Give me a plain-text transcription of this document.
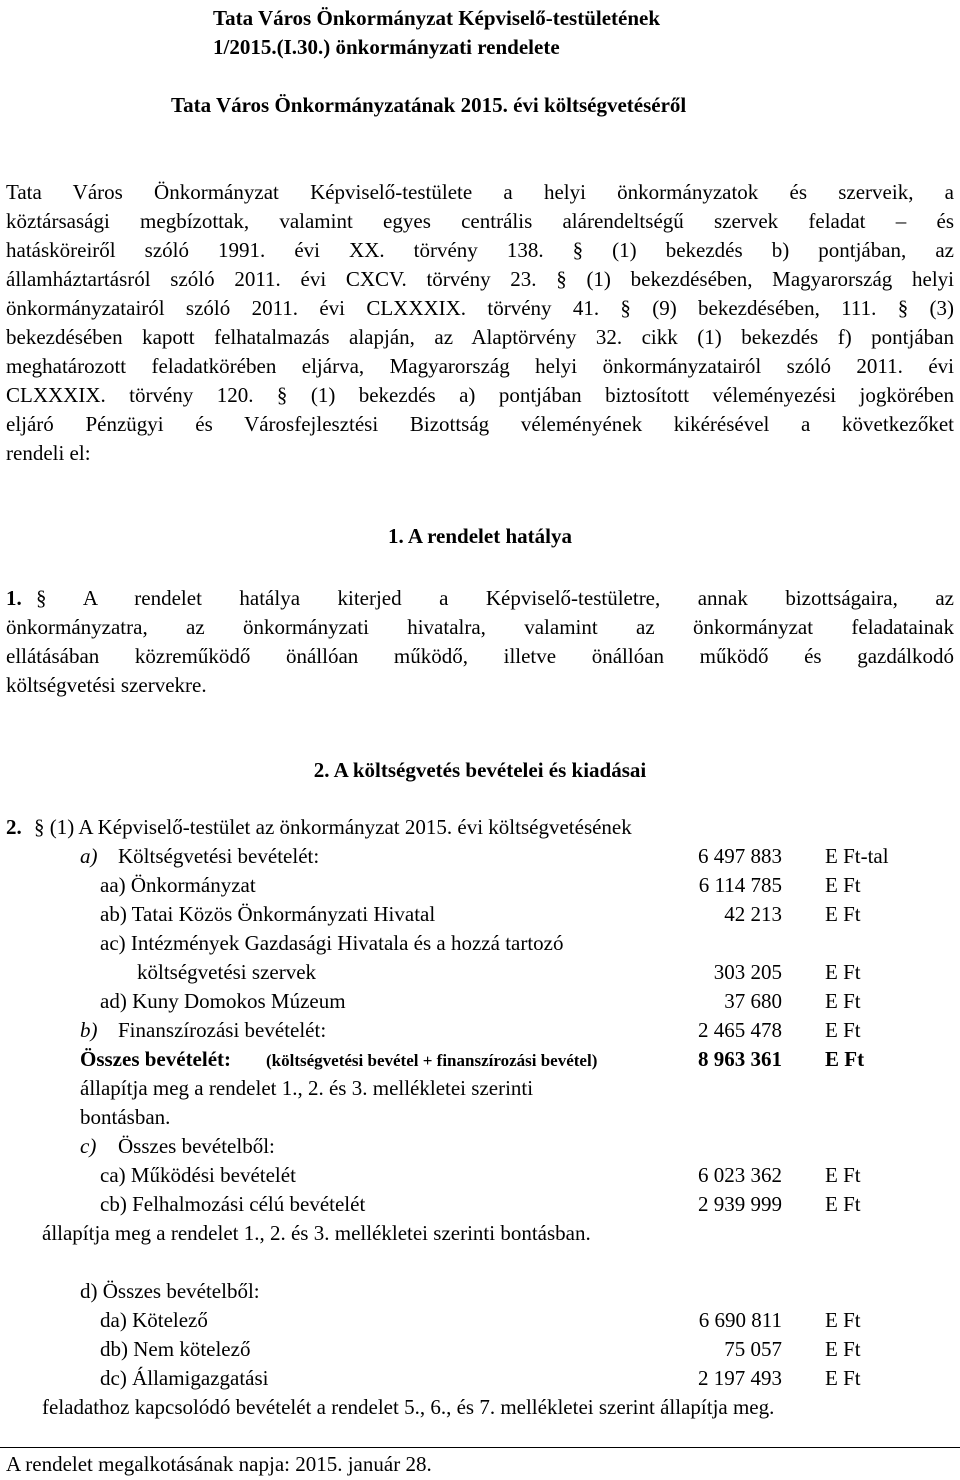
Tata Város Önkormányzat Képviselő-testületének
1/2015.(I.30.) önkormányzati rendelete
Tata Város Önkormányzatának 2015. évi költségvetéséről
Tata Város Önkormányzat Képviselő-testülete a helyi önkormányzatok és szerveik, a
köztársasági megbízottak, valamint egyes centrális alárendeltségű szervek feladat – és
hatásköreiről szóló 1991. évi XX. törvény 138. § (1) bekezdés b) pontjában, az
államháztartásról szóló 2011. évi CXCV. törvény 23. § (1) bekezdésében, Magyarország helyi
önkormányzatairól szóló 2011. évi CLXXXIX. törvény 41. § (9) bekezdésében, 111. § (3)
bekezdésében kapott felhatalmazás alapján, az Alaptörvény 32. cikk (1) bekezdés f) pontjában
meghatározott feladatkörében eljárva, Magyarország helyi önkormányzatairól szóló 2011. évi
CLXXXIX. törvény 120. § (1) bekezdés a) pontjában biztosított véleményezési jogkörében
eljáró Pénzügyi és Városfejlesztési Bizottság véleményének kikérésével a következőket
rendeli el:
1. A rendelet hatálya
1. § A rendelet hatálya kiterjed a Képviselő-testületre, annak bizottságaira, az
önkormányzatra, az önkormányzati hivatalra, valamint az önkormányzat feladatainak
ellátásában közreműködő önállóan működő, illetve önállóan működő és gazdálkodó
költségvetési szervekre.
2. A költségvetés bevételei és kiadásai
2. § (1) A Képviselő-testület az önkormányzat 2015. évi költségvetésének
a) Költségvetési bevételét:	6 497 883 E Ft-tal
aa) Önkormányzat	6 114 785 E Ft
ab) Tatai Közös Önkormányzati Hivatal	42 213 E Ft
ac) Intézmények Gazdasági Hivatala és a hozzá tartozó
költségvetési szervek	303 205 E Ft
ad) Kuny Domokos Múzeum	37 680 E Ft
b) Finanszírozási bevételét:	2 465 478 E Ft
Összes bevételét: (költségvetési bevétel + finanszírozási bevétel)	8 963 361 E Ft
állapítja meg a rendelet 1., 2. és 3. mellékletei szerinti
bontásban.
c) Összes bevételből:
ca) Működési bevételét	6 023 362 E Ft
cb) Felhalmozási célú bevételét	2 939 999 E Ft
állapítja meg a rendelet 1., 2. és 3. mellékletei szerinti bontásban.
d) Összes bevételből:
da) Kötelező	6 690 811 E Ft
db) Nem kötelező	75 057 E Ft
dc) Államigazgatási	2 197 493 E Ft
feladathoz kapcsolódó bevételét a rendelet 5., 6., és 7. mellékletei szerint állapítja meg.
A rendelet megalkotásának napja: 2015. január 28.
